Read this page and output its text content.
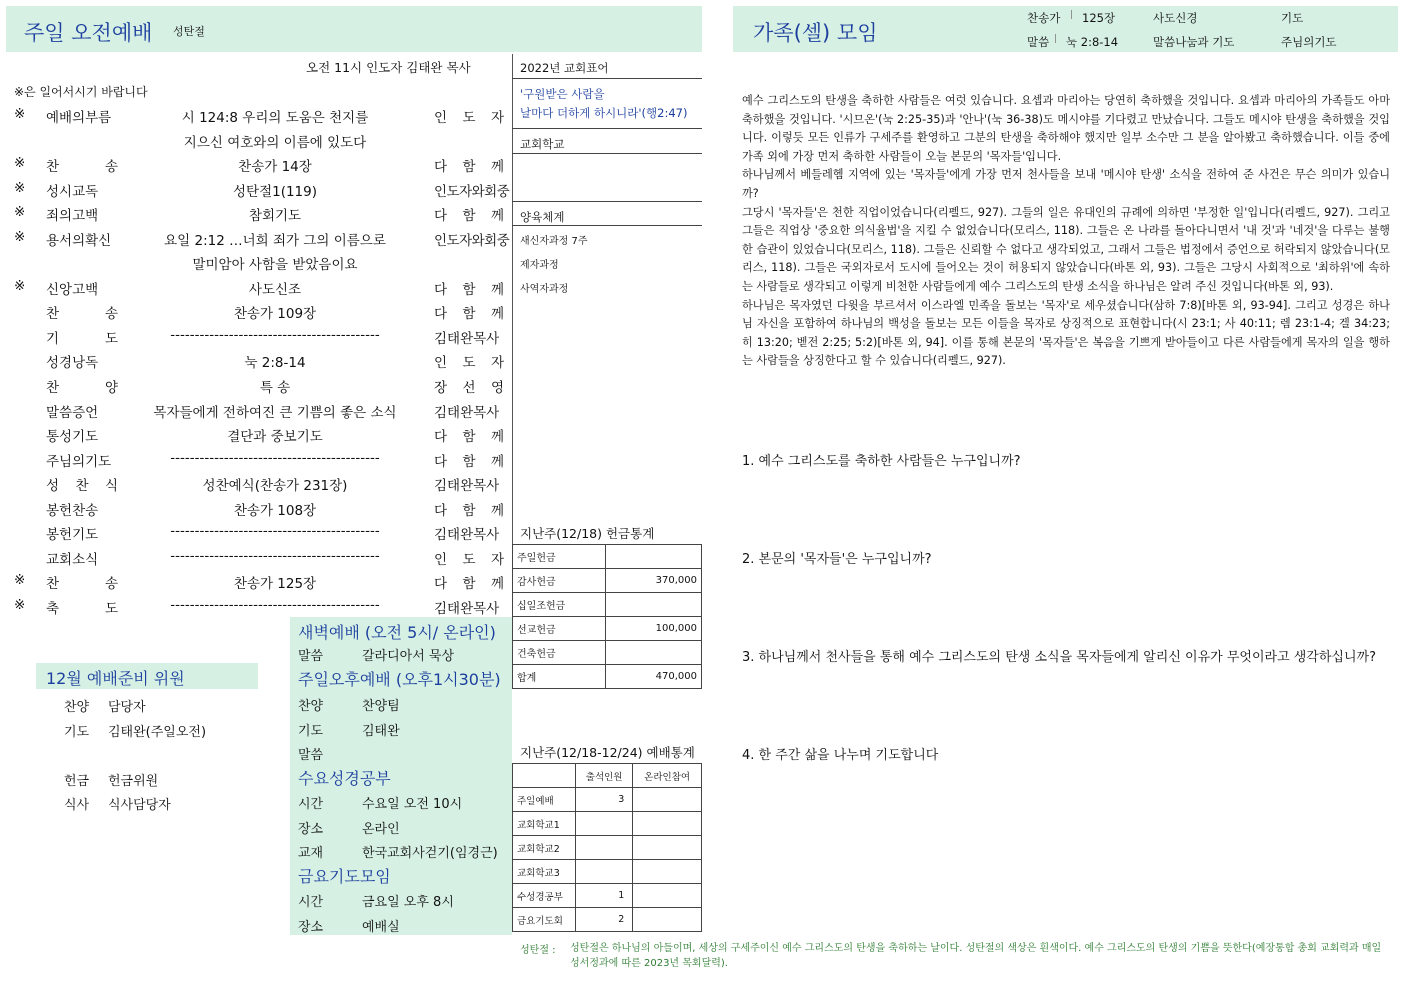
주일 오전예배 성탄절
오전 11시 인도자 김태완 목사
※은 일어서시기 바랍니다
※ 예배의부름	시 124:8 우리의 도움은 천지를	인 도 자
지으신 여호와의 이름에 있도다
※ 찬 송	찬송가 14장	다 함 께
※ 성시교독	성탄절1(119)	인도자와회중
※ 죄의고백	참회기도	다 함 께
※ 용서의확신	요일 2:12 …너희 죄가 그의 이름으로	인도자와회중
말미암아 사함을 받았음이요
※ 신앙고백	사도신조	다 함 께
찬 송	찬송가 109장	다 함 께
기 도	-------------------------------------------	김태완목사
성경낭독	눅 2:8-14	인 도 자
찬 양	특 송	장 선 영
말씀증언	목자들에게 전하여진 큰 기쁨의 좋은 소식	김태완목사
통성기도	결단과 중보기도	다 함 께
주님의기도	-------------------------------------------	다 함 께
성 찬 식	성찬예식(찬송가 231장)	김태완목사
봉헌찬송	찬송가 108장	다 함 께
봉헌기도	-------------------------------------------	김태완목사
교회소식	-------------------------------------------	인 도 자
※ 찬 송	찬송가 125장	다 함 께
※ 축 도	-------------------------------------------	김태완목사
2022년 교회표어
'구원받은 사람을
날마다 더하게 하시니라'(행2:47)
교회학교
양육체계
새신자과정 7주
제자과정
사역자과정
지난주(12/18) 헌금통계
주일헌금	
감사헌금	370,000
십일조헌금	
선교헌금	100,000
건축헌금	
합계	470,000
지난주(12/18-12/24) 예배통계
	출석인원	온라인참여
주일예배	3	
교회학교1		
교회학교2		
교회학교3		
수성경공부	1	
금요기도회	2	
12월 예배준비 위원
찬양 담당자
기도 김태완(주일오전)
헌금 헌금위원
식사 식사담당자
새벽예배 (오전 5시/ 온라인)
말씀	갈라디아서 묵상
주일오후예배 (오후1시30분)
찬양	찬양팀
기도	김태완
말씀
수요성경공부
시간	수요일 오전 10시
장소	온라인
교재	한국교회사걷기(임경근)
금요기도모임
시간	금요일 오후 8시
장소	예배실
가족(셀) 모임
찬송가 | 125장	사도신경	기도
말씀 | 눅 2:8-14	말씀나눔과 기도	주님의기도
예수 그리스도의 탄생을 축하한 사람들은 여럿 있습니다. 요셉과 마리아는 당연히 축하했을 것입니다. 요셉과 마리아의 가족들도 아마 축하했을 것입니다. '시므온'(눅 2:25-35)과 '안나'(눅 36-38)도 메시야를 기다렸고 만났습니다. 그들도 메시야 탄생을 축하했을 것입니다. 이렇듯 모든 인류가 구세주를 환영하고 그분의 탄생을 축하해야 했지만 일부 소수만 그 분을 알아봤고 축하했습니다. 이들 중에 가족 외에 가장 먼저 축하한 사람들이 오늘 본문의 '목자들'입니다.
하나님께서 베들레헴 지역에 있는 '목자들'에게 가장 먼저 천사들을 보내 '메시야 탄생' 소식을 전하여 준 사건은 무슨 의미가 있습니까?
그당시 '목자들'은 천한 직업이었습니다(리펠드, 927). 그들의 일은 유대인의 규례에 의하면 '부정한 일'입니다(리펠드, 927). 그리고 그들은 직업상 '중요한 의식율법'을 지킬 수 없었습니다(모리스, 118). 그들은 온 나라를 돌아다니면서 '내 것'과 '네것'을 다루는 불행한 습관이 있었습니다(모리스, 118). 그들은 신뢰할 수 없다고 생각되었고, 그래서 그들은 법정에서 증언으로 허락되지 않았습니다(모리스, 118). 그들은 국외자로서 도시에 들어오는 것이 허용되지 않았습니다(바톤 외, 93). 그들은 그당시 사회적으로 '최하위'에 속하는 사람들로 생각되고 이렇게 비천한 사람들에게 예수 그리스도의 탄생 소식을 하나님은 알려 주신 것입니다(바톤 외, 93).
하나님은 목자였던 다윗을 부르셔서 이스라엘 민족을 돌보는 '목자'로 세우셨습니다(삼하 7:8)[바톤 외, 93-94]. 그리고 성경은 하나님 자신을 포함하여 하나님의 백성을 돌보는 모든 이들을 목자로 상징적으로 표현합니다(시 23:1; 사 40:11; 렘 23:1-4; 겔 34:23; 히 13:20; 벧전 2:25; 5:2)[바톤 외, 94]. 이를 통해 본문의 '목자들'은 복음을 기쁘게 받아들이고 다른 사람들에게 목자의 일을 행하는 사람들을 상징한다고 할 수 있습니다(리펠드, 927).
1. 예수 그리스도를 축하한 사람들은 누구입니까?
2. 본문의 '목자들'은 누구입니까?
3. 하나님께서 천사들을 통해 예수 그리스도의 탄생 소식을 목자들에게 알리신 이유가 무엇이라고 생각하십니까?
4. 한 주간 삶을 나누며 기도합니다
성탄절 : 성탄절은 하나님의 아들이며, 세상의 구세주이신 예수 그리스도의 탄생을 축하하는 날이다. 성탄절의 색상은 흰색이다. 예수 그리스도의 탄생의 기쁨을 뜻한다(예장통합 총회 교회력과 매일성서정과에 따른 2023년 목회달력).
